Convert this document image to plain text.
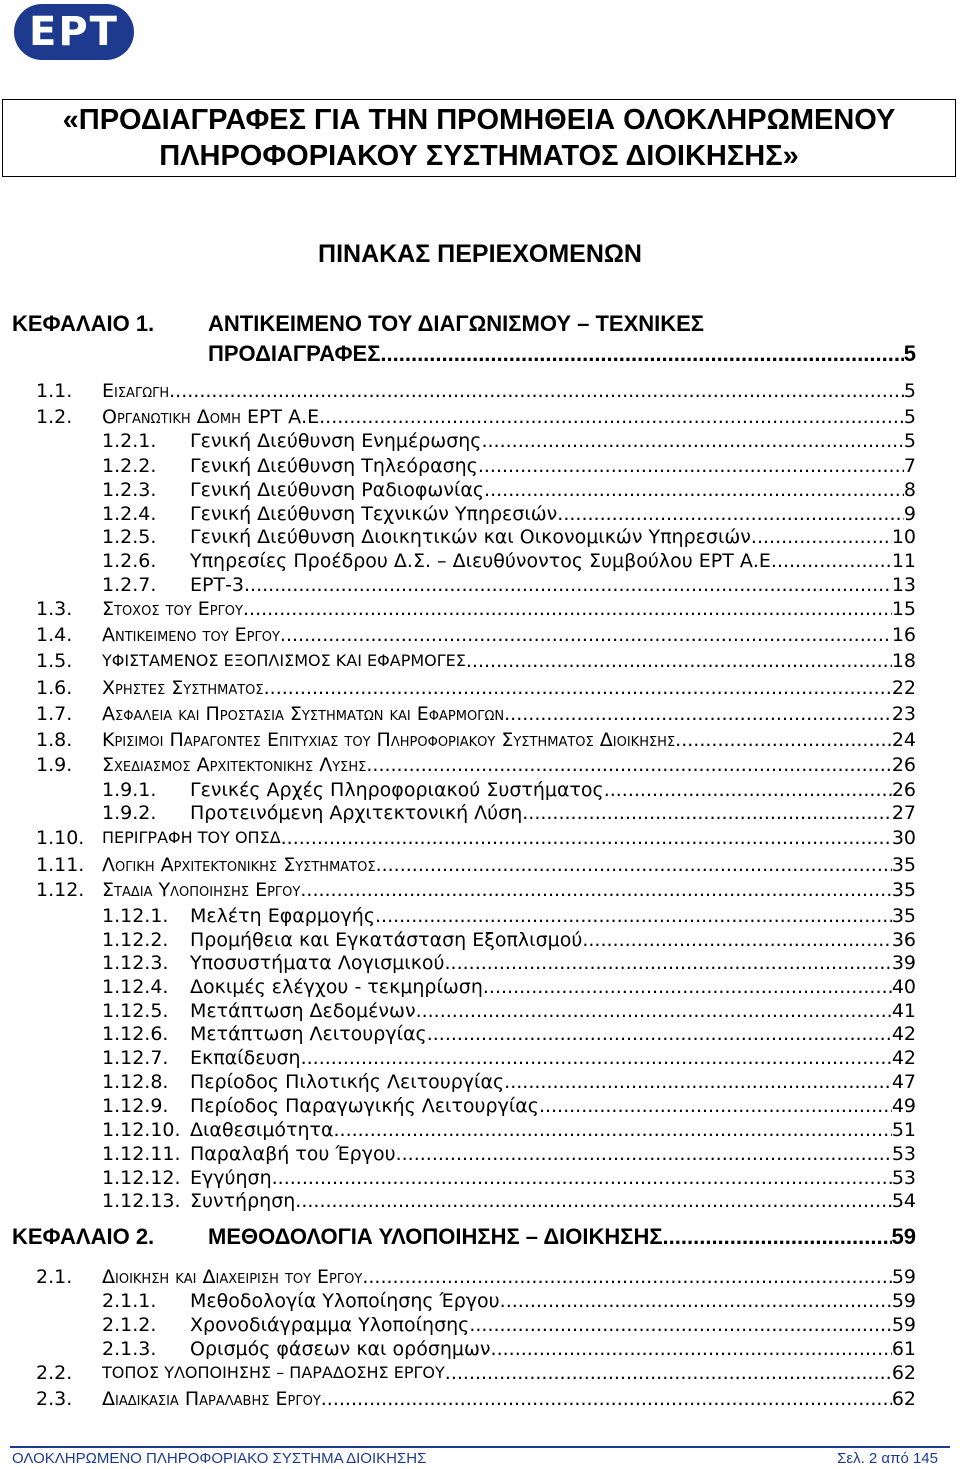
ΕΡΤ
«ΠΡΟΔΙΑΓΡΑΦΕΣ ΓΙΑ ΤΗΝ ΠΡΟΜΗΘΕΙΑ ΟΛΟΚΛΗΡΩΜΕΝΟΥ
ΠΛΗΡΟΦΟΡΙΑΚΟΥ ΣΥΣΤΗΜΑΤΟΣ ΔΙΟΙΚΗΣΗΣ»
ΠΙΝΑΚΑΣ ΠΕΡΙΕΧΟΜΕΝΩΝ
ΚΕΦΑΛΑΙΟ 1. ΑΝΤΙΚΕΙΜΕΝΟ ΤΟΥ ΔΙΑΓΩΝΙΣΜΟΥ – ΤΕΧΝΙΚΕΣ
ΠΡΟΔΙΑΓΡΑΦΕΣ .....	5
1.1. Εισαγωγη .....	5
1.2. Οργανωτικη Δομη ΕΡΤ Α.Ε. .....	5
1.2.1. Γενική Διεύθυνση Ενημέρωσης .....	5
1.2.2. Γενική Διεύθυνση Τηλεόρασης .....	7
1.2.3. Γενική Διεύθυνση Ραδιοφωνίας .....	8
1.2.4. Γενική Διεύθυνση Τεχνικών Υπηρεσιών .....	9
1.2.5. Γενική Διεύθυνση Διοικητικών και Οικονομικών Υπηρεσιών .....	10
1.2.6. Υπηρεσίες Προέδρου Δ.Σ. – Διευθύνοντος Συμβούλου ΕΡΤ Α.Ε. .....	11
1.2.7. ΕΡΤ-3 .....	13
1.3. Στοχος του Εργου .....	15
1.4. Αντικειμενο του Εργου .....	16
1.5. ΥΦΙΣΤΑΜΕΝΟΣ ΕΞΟΠΛΙΣΜΟΣ ΚΑΙ ΕΦΑΡΜΟΓΕΣ .....	18
1.6. Χρηστες Συστηματος .....	22
1.7. Ασφαλεια και Προστασια Συστηματων και Εφαρμογων .....	23
1.8. Κρισιμοι Παραγοντες Επιτυχιας του Πληροφοριακου Συστηματος Διοικησης .....	24
1.9. Σχεδιασμος Αρχιτεκτονικης Λυσης .....	26
1.9.1. Γενικές Αρχές Πληροφοριακού Συστήματος .....	26
1.9.2. Προτεινόμενη Αρχιτεκτονική Λύση .....	27
1.10. ΠΕΡΙΓΡΑΦΗ ΤΟΥ ΟΠΣΔ .....	30
1.11. Λογικη Αρχιτεκτονικης Συστηματος .....	35
1.12. Σταδια Υλοποιησης Εργου .....	35
1.12.1. Μελέτη Εφαρμογής .....	35
1.12.2. Προμήθεια και Εγκατάσταση Εξοπλισμού .....	36
1.12.3. Υποσυστήματα Λογισμικού .....	39
1.12.4. Δοκιμές ελέγχου - τεκμηρίωση .....	40
1.12.5. Μετάπτωση Δεδομένων .....	41
1.12.6. Μετάπτωση Λειτουργίας .....	42
1.12.7. Εκπαίδευση .....	42
1.12.8. Περίοδος Πιλοτικής Λειτουργίας .....	47
1.12.9. Περίοδος Παραγωγικής Λειτουργίας .....	49
1.12.10. Διαθεσιμότητα .....	51
1.12.11. Παραλαβή του Έργου .....	53
1.12.12. Εγγύηση .....	53
1.12.13. Συντήρηση .....	54
ΚΕΦΑΛΑΙΟ 2. ΜΕΘΟΔΟΛΟΓΙΑ ΥΛΟΠΟΙΗΣΗΣ – ΔΙΟΙΚΗΣΗΣ .....	59
2.1. Διοικηση και Διαχειριση του Εργου .....	59
2.1.1. Μεθοδολογία Υλοποίησης Έργου .....	59
2.1.2. Χρονοδιάγραμμα Υλοποίησης .....	59
2.1.3. Ορισμός φάσεων και ορόσημων .....	61
2.2. ΤΟΠΟΣ ΥΛΟΠΟΙΗΣΗΣ – ΠΑΡΑΔΟΣΗΣ ΕΡΓΟΥ .....	62
2.3. Διαδικασια Παραλαβης Εργου .....	62
ΟΛΟΚΛΗΡΩΜΕΝΟ ΠΛΗΡΟΦΟΡΙΑΚΟ ΣΥΣΤΗΜΑ ΔΙΟΙΚΗΣΗΣ	Σελ. 2 από 145
